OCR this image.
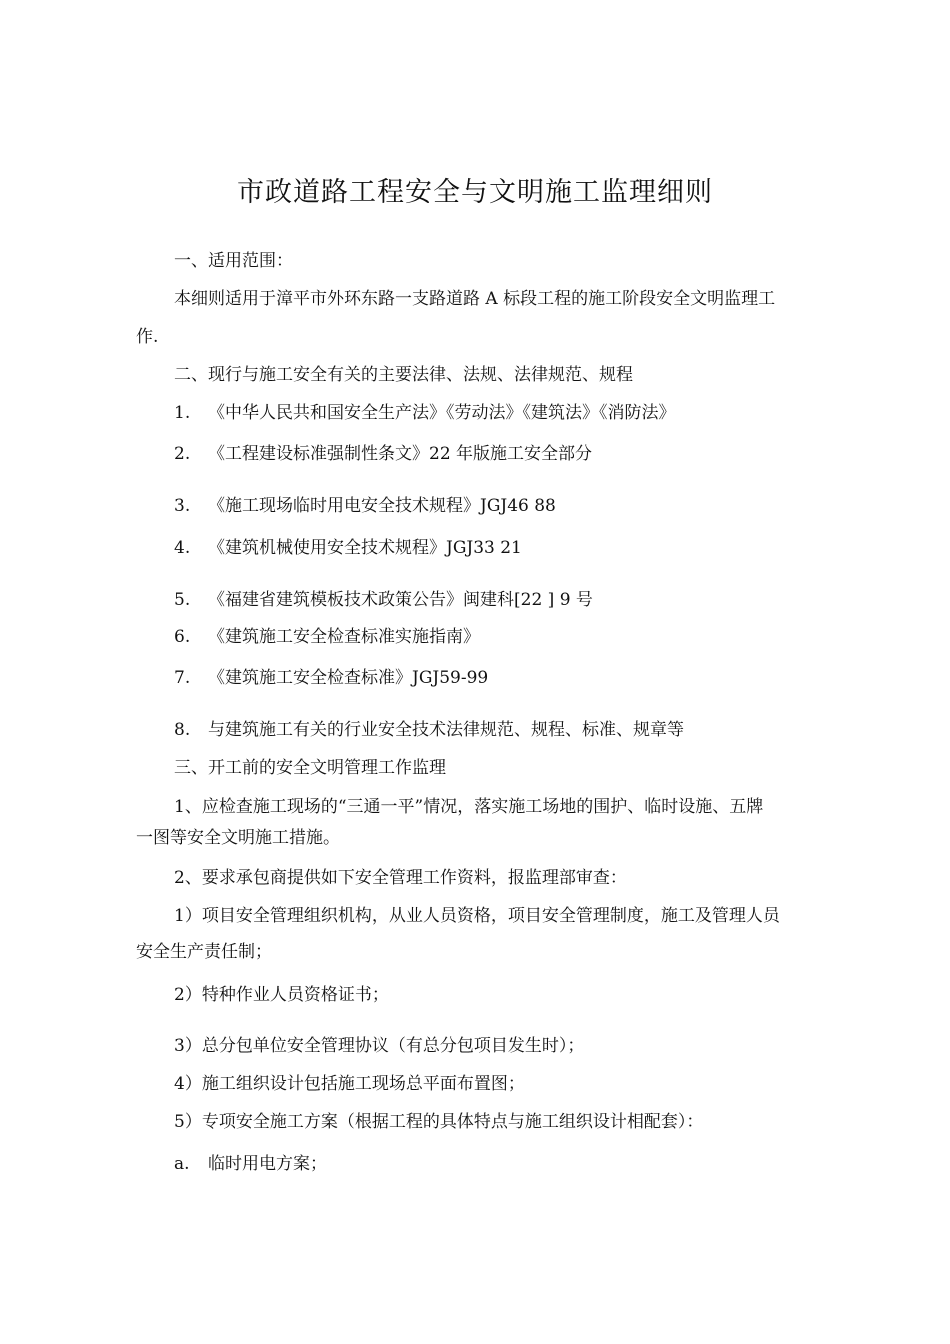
市政道路工程安全与文明施工监理细则
一、适用范围：
本细则适用于漳平市外环东路一支路道路 A 标段工程的施工阶段安全文明监理工
作.
二、现行与施工安全有关的主要法律、法规、法律规范、规程
1. 《中华人民共和国安全生产法》《劳动法》《建筑法》《消防法》
2. 《工程建设标准强制性条文》22 年版施工安全部分
3. 《施工现场临时用电安全技术规程》JGJ46 88
4. 《建筑机械使用安全技术规程》JGJ33 21
5. 《福建省建筑模板技术政策公告》闽建科[22 ] 9 号
6. 《建筑施工安全检查标准实施指南》
7. 《建筑施工安全检查标准》JGJ59-99
8. 与建筑施工有关的行业安全技术法律规范、规程、标准、规章等
三、开工前的安全文明管理工作监理
1、应检查施工现场的“三通一平”情况，落实施工场地的围护、临时设施、五牌
一图等安全文明施工措施。
2、要求承包商提供如下安全管理工作资料，报监理部审查：
1）项目安全管理组织机构，从业人员资格，项目安全管理制度，施工及管理人员
安全生产责任制；
2）特种作业人员资格证书；
3）总分包单位安全管理协议（有总分包项目发生时）；
4）施工组织设计包括施工现场总平面布置图；
5）专项安全施工方案（根据工程的具体特点与施工组织设计相配套）：
a. 临时用电方案；
